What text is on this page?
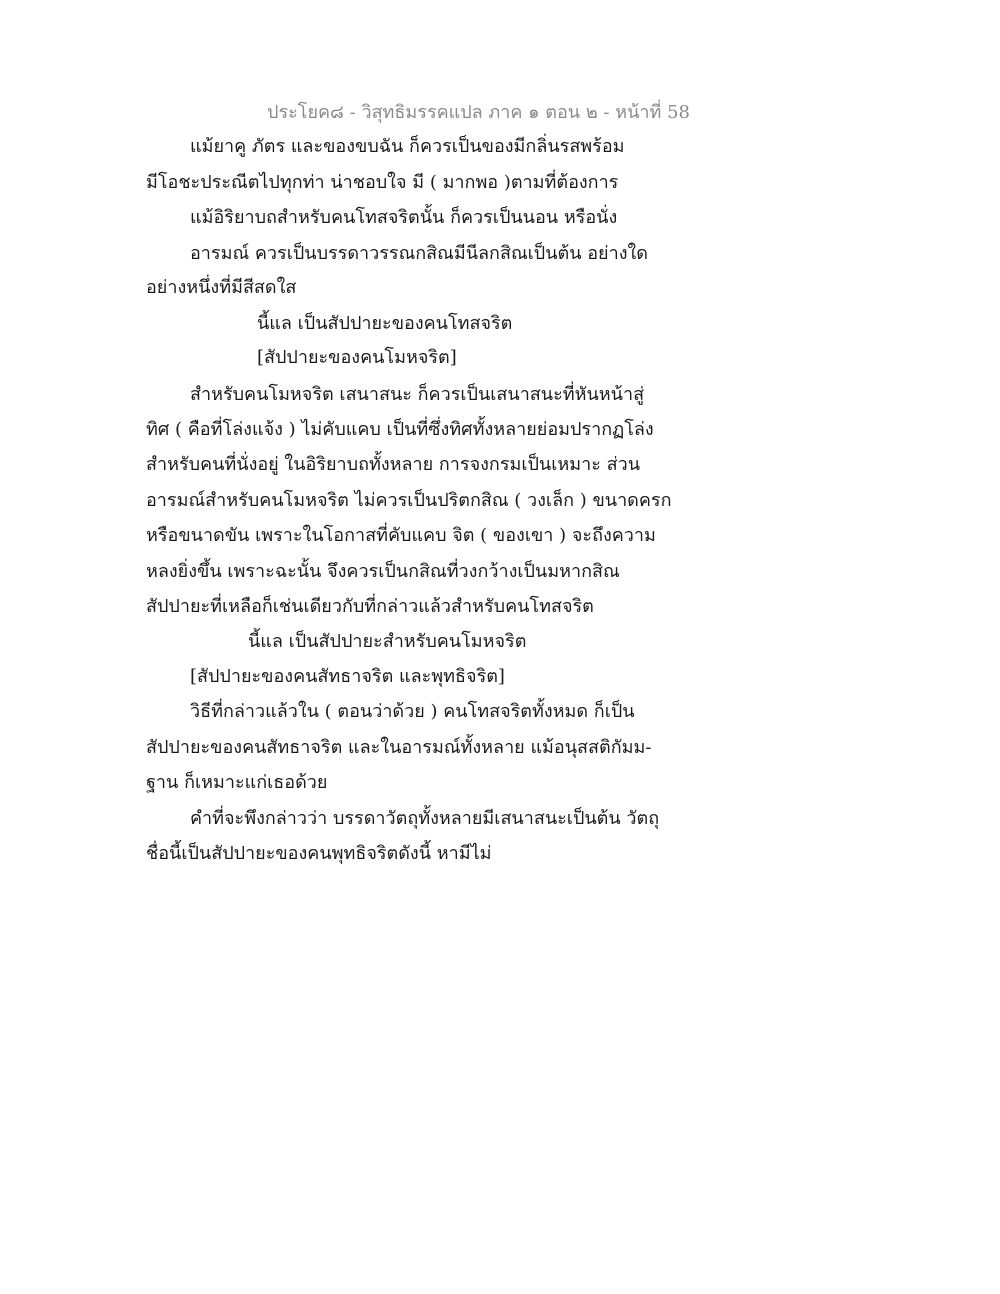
ประโยค๘ - วิสุทธิมรรคแปล ภาค ๑ ตอน ๒ - หน้าที่ 58
แม้ยาคู ภัตร และของขบฉัน ก็ควรเป็นของมีกลิ่นรสพร้อม
มีโอชะประณีตไปทุกท่า น่าชอบใจ มี ( มากพอ )ตามที่ต้องการ
แม้อิริยาบถสำหรับคนโทสจริตนั้น ก็ควรเป็นนอน หรือนั่ง
อารมณ์ ควรเป็นบรรดาวรรณกสิณมีนีลกสิณเป็นต้น อย่างใด
อย่างหนึ่งที่มีสีสดใส
นี้แล เป็นสัปปายะของคนโทสจริต
[สัปปายะของคนโมหจริต]
สำหรับคนโมหจริต เสนาสนะ ก็ควรเป็นเสนาสนะที่หันหน้าสู่
ทิศ ( คือที่โล่งแจ้ง ) ไม่คับแคบ เป็นที่ซึ่งทิศทั้งหลายย่อมปรากฏโล่ง
สำหรับคนที่นั่งอยู่ ในอิริยาบถทั้งหลาย การจงกรมเป็นเหมาะ ส่วน
อารมณ์สำหรับคนโมหจริต ไม่ควรเป็นปริตกสิณ ( วงเล็ก ) ขนาดครก
หรือขนาดขัน เพราะในโอกาสที่คับแคบ จิต ( ของเขา ) จะถึงความ
หลงยิ่งขึ้น เพราะฉะนั้น จึงควรเป็นกสิณที่วงกว้างเป็นมหากสิณ
สัปปายะที่เหลือก็เช่นเดียวกับที่กล่าวแล้วสำหรับคนโทสจริต
นี้แล เป็นสัปปายะสำหรับคนโมหจริต
[สัปปายะของคนสัทธาจริต และพุทธิจริต]
วิธีที่กล่าวแล้วใน ( ตอนว่าด้วย ) คนโทสจริตทั้งหมด ก็เป็น
สัปปายะของคนสัทธาจริต และในอารมณ์ทั้งหลาย แม้อนุสสติกัมม-
ฐาน ก็เหมาะแก่เธอด้วย
คำที่จะพึงกล่าวว่า บรรดาวัตถุทั้งหลายมีเสนาสนะเป็นต้น วัตถุ
ชื่อนี้เป็นสัปปายะของคนพุทธิจริตดังนี้ หามีไม่
